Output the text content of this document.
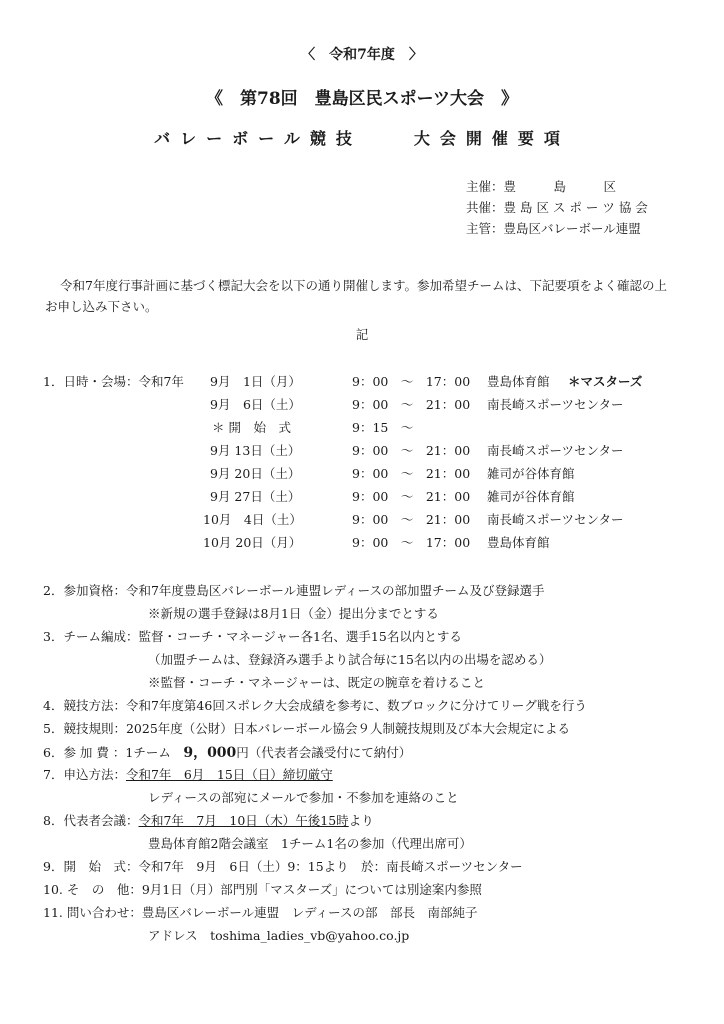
〈　令和7年度　〉
《　第78回　豊島区民スポーツ大会　》
バレーボール競技　　大会開催要項
主催：豊　　　島　　　区
共催：豊 島 区 ス ポ ー ツ 協 会
主管：豊島区バレーボール連盟
令和7年度行事計画に基づく標記大会を以下の通り開催します。参加希望チームは、下記要項をよく確認の上
お申し込み下さい。
記
1．日時・会場：令和7年 9月　1日（月）	9：00　～　17：00 豊島体育館 ＊マスターズ
9月　6日（土）	9：00　～　21：00 南長崎スポーツセンター
＊ 開　始　式	9：15　～
9月 13日（土）	9：00　～　21：00 南長崎スポーツセンター
9月 20日（土）	9：00　～　21：00 雑司が谷体育館
9月 27日（土）	9：00　～　21：00 雑司が谷体育館
10月　4日（土）	9：00　～　21：00 南長崎スポーツセンター
10月 20日（月）	9：00　～　17：00 豊島体育館
2．参加資格：令和7年度豊島区バレーボール連盟レディースの部加盟チーム及び登録選手
※新規の選手登録は8月1日（金）提出分までとする
3．チーム編成：監督・コーチ・マネージャー各1名、選手15名以内とする
（加盟チームは、登録済み選手より試合毎に15名以内の出場を認める）
※監督・コーチ・マネージャーは、既定の腕章を着けること
4．競技方法：令和7年度第46回スポレク大会成績を参考に、数ブロックに分けてリーグ戦を行う
5．競技規則：2025年度（公財）日本バレーボール協会９人制競技規則及び本大会規定による
6．参 加 費 ：1チーム　9，000円（代表者会議受付にて納付）
7．申込方法：令和7年　6月　15日（日）締切厳守
レディースの部宛にメールで参加・不参加を連絡のこと
8．代表者会議：令和7年　7月　10日（木）午後15時より
豊島体育館2階会議室　1チーム1名の参加（代理出席可）
9．開　始　式：令和7年　9月　6日（土）9：15より　於：南長崎スポーツセンター
10. そ　の　他：9月1日（月）部門別「マスターズ」については別途案内参照
11. 問い合わせ：豊島区バレーボール連盟　レディースの部　部長　南部純子
アドレス　toshima_ladies_vb@yahoo.co.jp
